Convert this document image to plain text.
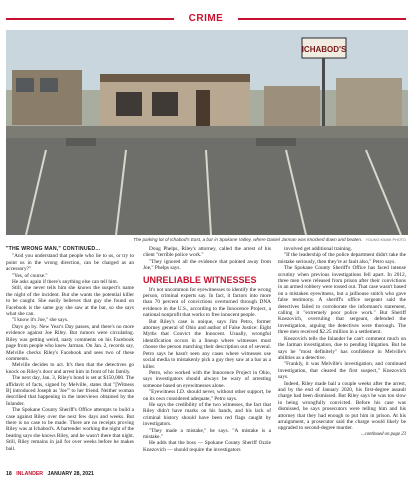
CRIME
ICHABOD'S
The parking lot of Ichabod's East, a bar in Spokane Valley, where Daniel Jarman was knocked down and beaten. YOUNG KWAK PHOTO
"THE WRONG MAN," CONTINUED...

"And you understand that people who lie to us, or try to point us in the wrong direction, can be charged as an accessory?"

"Yes, of course."

He asks again if there's anything else can tell him.

Still, she never tells him she knows the suspect's name the night of the incident. But she wants the potential killer to be caught. She easily believes that guy she found on Facebook is the same guy she saw at the bar, so she says what she can.

"I know it's Joe," she says.

Days go by. New Year's Day passes, and there's no more evidence against Joe Riley. But rumors were circulating. Riley was getting weird, nasty comments on his Facebook page from people who knew Jarman. On Jan. 2, records say, Melville checks Riley's Facebook and sees two of these comments.

Melville decides to act. It's then that the detectives go knock on Riley's door and arrest him in front of his family.

The next day, Jan. 3, Riley's bond is set at $150,000. The affidavit of facts, signed by Melville, states that "[Witness B] introduced Joseph as 'Joe'" to her friend. Neither woman described that happening in the interviews obtained by the Inlander.

The Spokane County Sheriff's Office attempts to build a case against Riley over the next few days and weeks. But there is no case to be made. There are no receipts proving Riley was at Ichabod's. A bartender working the night of the beating says she knows Riley, and he wasn't there that night. Still, Riley remains in jail for over weeks before he makes bail.

Doug Phelps, Riley's attorney, called the arrest of his client "terrible police work."

"They ignored all the evidence that pointed away from Joe," Phelps says.

UNRELIABLE WITNESSES

It's not uncommon for eyewitnesses to identify the wrong person, criminal experts say. In fact, it factors into more than 70 percent of convictions overturned through DNA evidence in the U.S., according to the Innocence Project, a national nonprofit that works to free innocent people.

But Riley's case is unique, says Jim Petro, former attorney general of Ohio and author of False Justice: Eight Myths that Convict the Innocent. Usually, wrongful identification occurs in a lineup where witnesses must choose the person matching their description out of several. Petro says he hasn't seen any cases where witnesses use social media to mistakenly pick a guy they saw at a bar as a killer.

Petro, who worked with the Innocence Project in Ohio, says investigators should always be wary of arresting someone based on eyewitnesses alone.

"Eyewitness I.D. should never, without other support, be on its own considered adequate," Petro says.

He says the credibility of the two witnesses, the fact that Riley didn't have marks on his hands, and his lack of criminal history should have been red flags caught by investigators.

"They made a mistake," he says. "A mistake is a mistake."

He adds that the boss — Spokane County Sheriff Ozzie Knezovich — should require the investigators

involved get additional training.

"If the leadership of the police department didn't take the mistake seriously, then they're at fault also," Petro says.

The Spokane County Sheriff's Office has faced intense scrutiny when previous investigations fell apart. In 2012, three men were released from prison after their convictions in an armed robbery were tossed out. That case wasn't based on a mistaken eyewitness, but a jailhouse snitch who gave false testimony. A sheriff's office sergeant said the detectives failed to corroborate the informant's statement, calling it "extremely poor police work." But Sheriff Knezovich, overruling that sergeant, defended the investigation, arguing the detectives were thorough. The three men received $2.25 million in a settlement.

Knezovich tells the Inlander he can't comment much on the Jarman investigation, due to pending litigation. But he says he "most definitely" has confidence in Melville's abilities as a detective.

"Frankly, it was Melville's investigation, and continued investigation, that cleared the first suspect," Knezovich says.

Indeed, Riley made bail a couple weeks after the arrest, and by the end of January 2020, his first-degree assault charge had been dismissed. But Riley says he was too slow in being wrongfully convicted. Before his case was dismissed, he says prosecutors were telling him and his attorney that they had enough to put him in prison. At his arraignment, a prosecutor said the charge would likely be upgraded to second-degree murder.

...continued on page 23
18 INLANDER JANUARY 28, 2021
